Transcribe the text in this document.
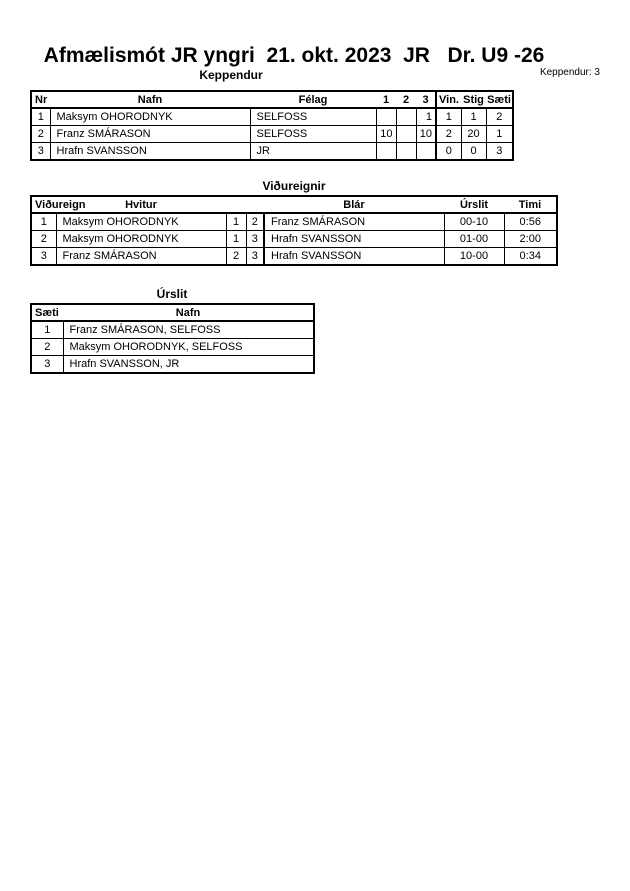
Afmælismót JR yngri  21. okt. 2023  JR   Dr. U9 -26
Keppendur: 3
Keppendur
Nr	Nafn	Félag	1	2	3	Vin.	Stig	Sæti
1	Maksym OHORODNYK	SELFOSS			1	1	1	2
2	Franz SMÁRASON	SELFOSS	10		10	2	20	1
3	Hrafn SVANSSON	JR				0	0	3
Viðureignir
Viðureign	Hvitur			Blár	Úrslit	Timi
1	Maksym OHORODNYK	1	2	Franz SMÁRASON	00-10	0:56
2	Maksym OHORODNYK	1	3	Hrafn SVANSSON	01-00	2:00
3	Franz SMÁRASON	2	3	Hrafn SVANSSON	10-00	0:34
Úrslit
Sæti	Nafn
1	Franz SMÁRASON, SELFOSS
2	Maksym OHORODNYK, SELFOSS
3	Hrafn SVANSSON, JR
